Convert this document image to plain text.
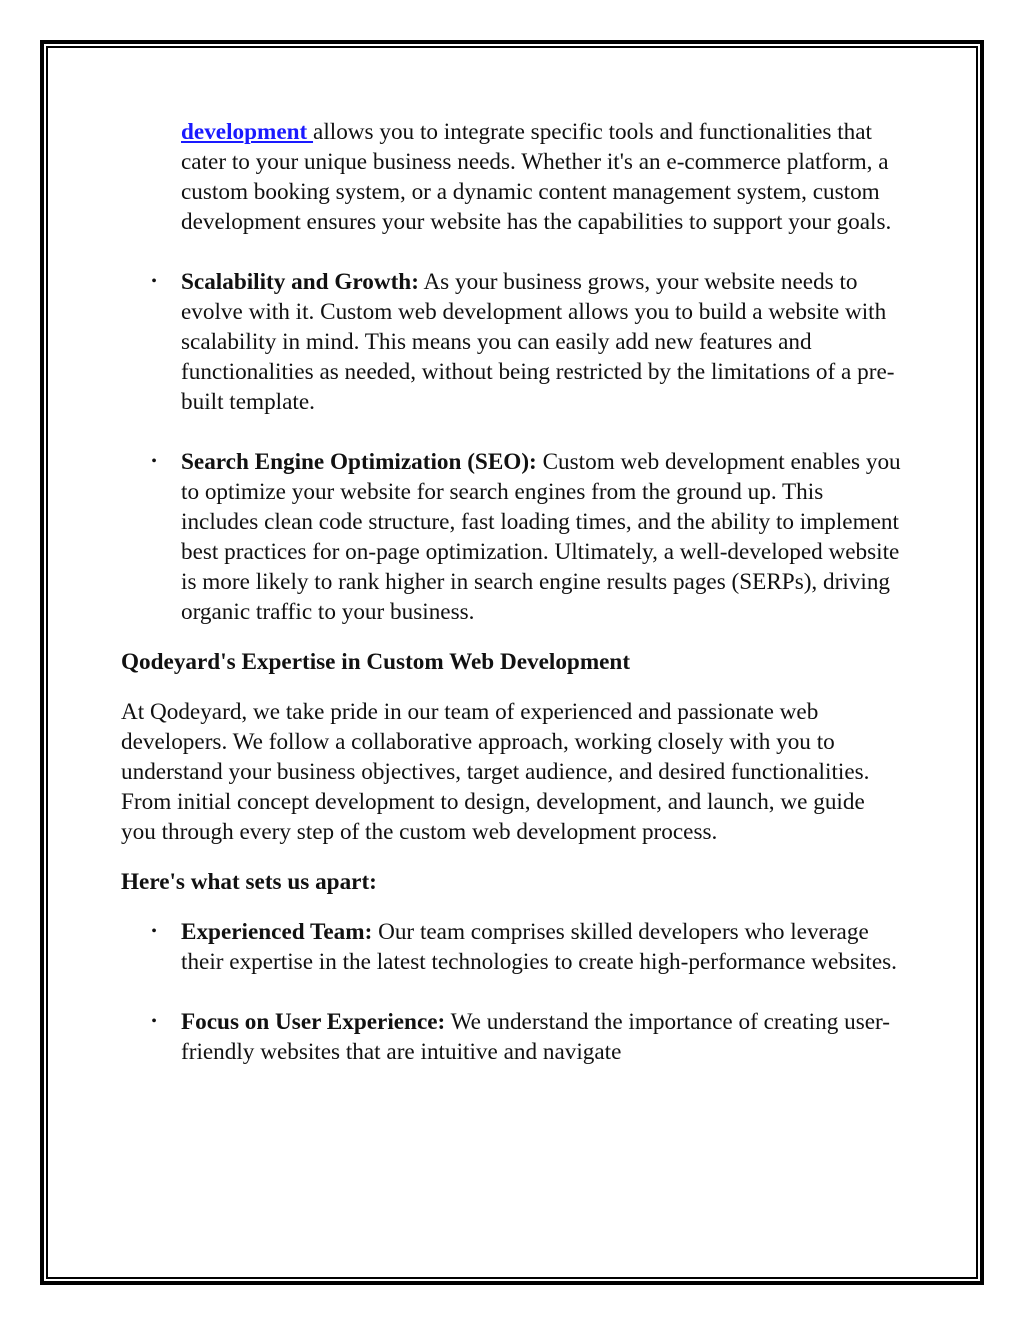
development allows you to integrate specific tools and functionalities that cater to your unique business needs. Whether it's an e-commerce platform, a custom booking system, or a dynamic content management system, custom development ensures your website has the capabilities to support your goals.

•	Scalability and Growth: As your business grows, your website needs to evolve with it. Custom web development allows you to build a website with scalability in mind. This means you can easily add new features and functionalities as needed, without being restricted by the limitations of a pre-built template.

•	Search Engine Optimization (SEO): Custom web development enables you to optimize your website for search engines from the ground up. This includes clean code structure, fast loading times, and the ability to implement best practices for on-page optimization. Ultimately, a well-developed website is more likely to rank higher in search engine results pages (SERPs), driving organic traffic to your business.

Qodeyard's Expertise in Custom Web Development

At Qodeyard, we take pride in our team of experienced and passionate web developers. We follow a collaborative approach, working closely with you to understand your business objectives, target audience, and desired functionalities. From initial concept development to design, development, and launch, we guide you through every step of the custom web development process.

Here's what sets us apart:

•	Experienced Team: Our team comprises skilled developers who leverage their expertise in the latest technologies to create high-performance websites.

•	Focus on User Experience: We understand the importance of creating user-friendly websites that are intuitive and navigate
